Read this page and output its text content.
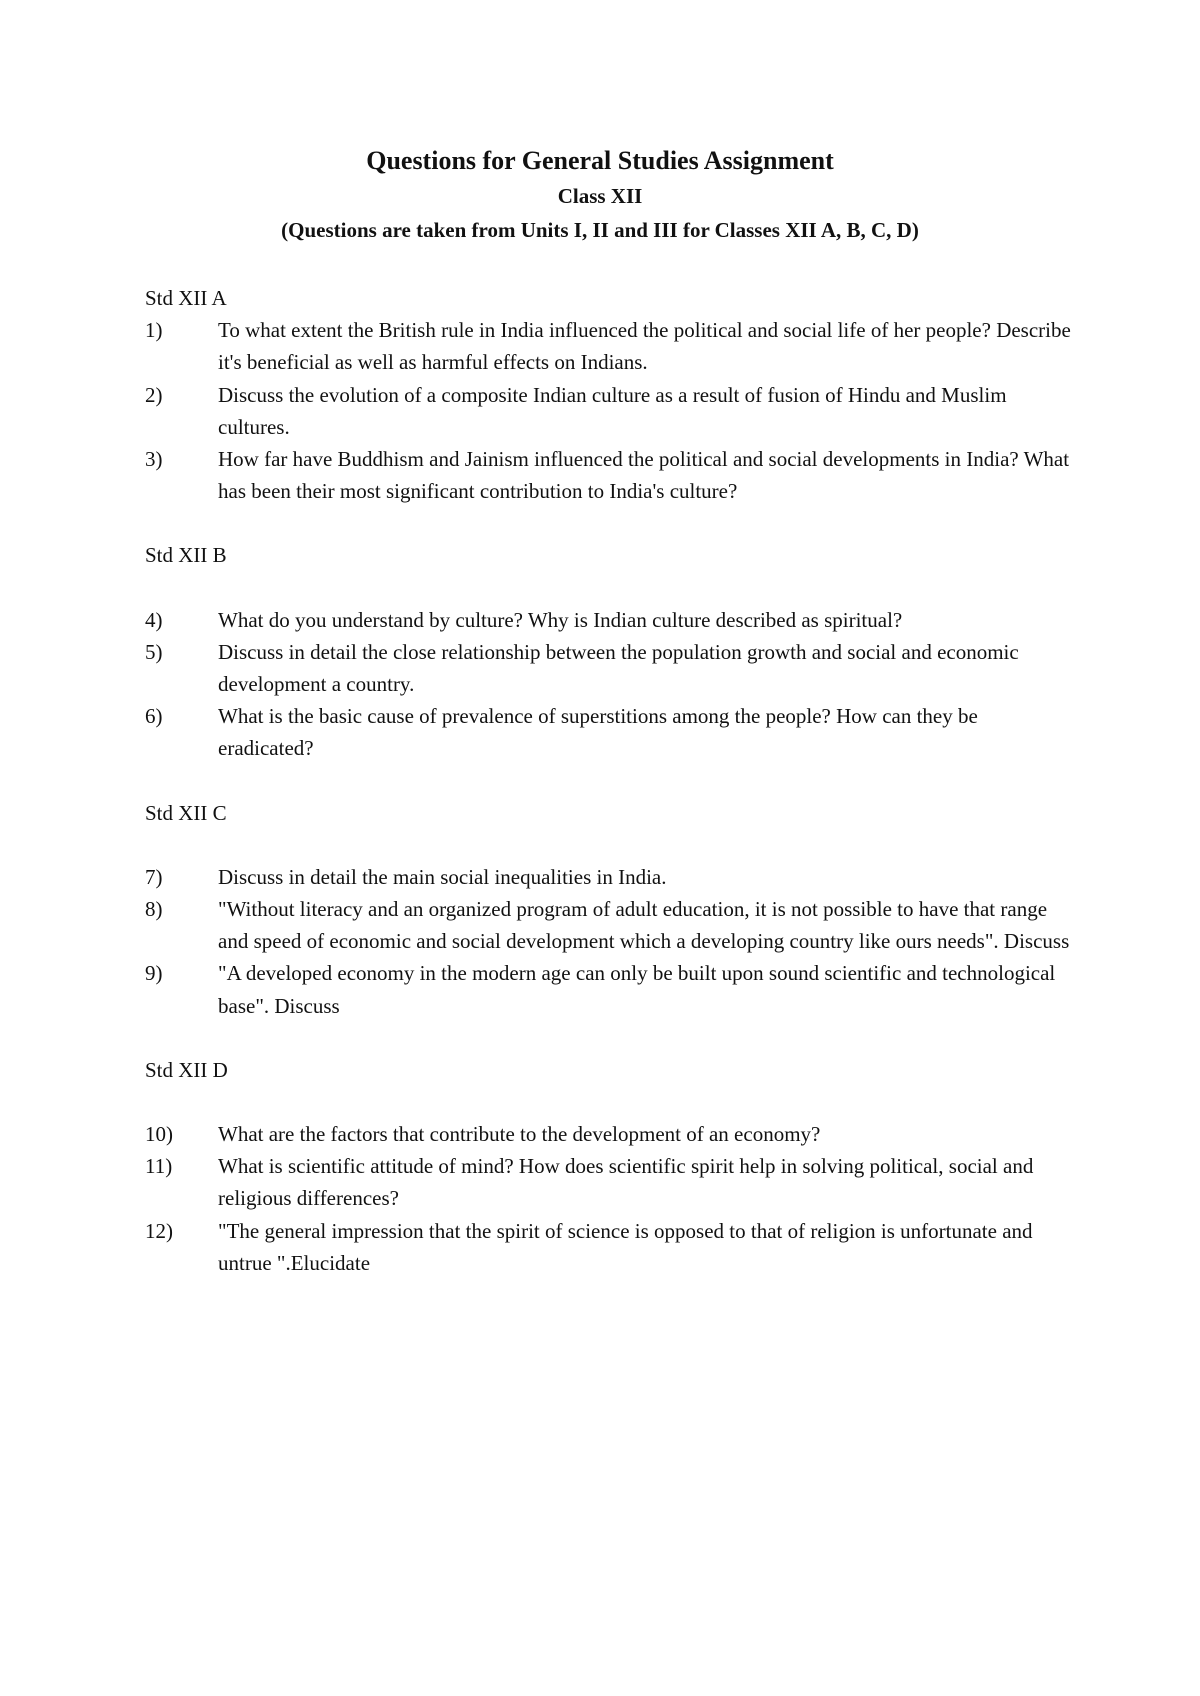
Questions for General Studies Assignment
Class XII
(Questions are taken from Units I, II and III for Classes XII A, B, C, D)
Std XII A
1)	To what extent the British rule in India influenced the political and social life of her people? Describe it's beneficial as well as harmful effects on Indians.
2)	Discuss the evolution of a composite Indian culture as a result of fusion of Hindu and Muslim cultures.
3)	How far have Buddhism and Jainism influenced the political and social developments in India? What has been their most significant contribution to India's culture?
Std XII B
4)	What do you understand by culture? Why is Indian culture described as spiritual?
5)	Discuss in detail the close relationship between the population growth and social and economic development a country.
6)	What is the basic cause of prevalence of superstitions among the people? How can they be eradicated?
Std XII C
7)	Discuss in detail the main social inequalities in India.
8)	"Without literacy and an organized program of adult education, it is not possible to have that range and speed of economic and social development which a developing country like ours needs". Discuss
9)	"A developed economy in the modern age can only be built upon sound scientific and technological base". Discuss
Std XII D
10)	What are the factors that contribute to the development of an economy?
11)	What is scientific attitude of mind? How does scientific spirit help in solving political, social and religious differences?
12)	"The general impression that the spirit of science is opposed to that of religion is unfortunate and untrue ".Elucidate
